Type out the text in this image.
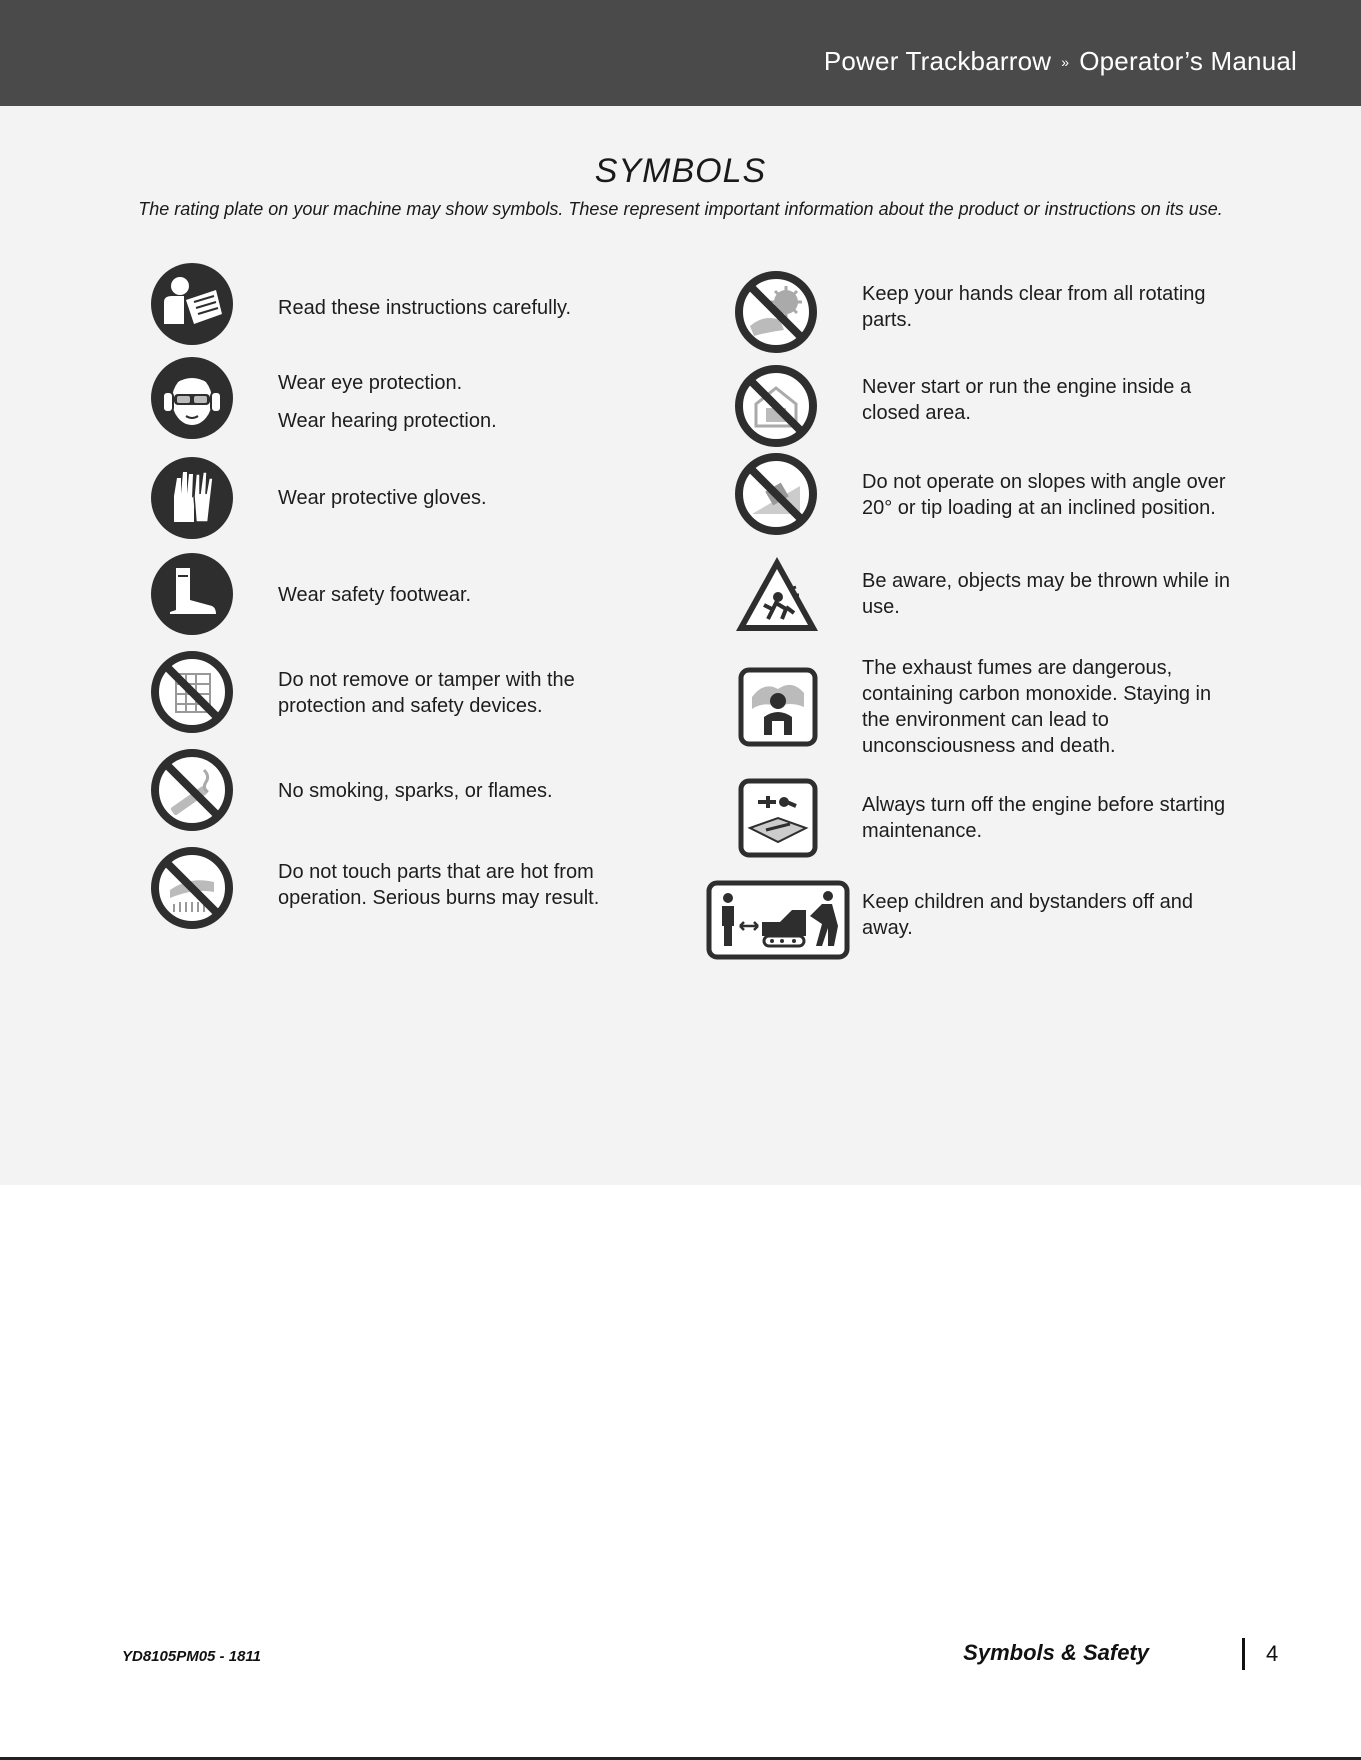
Power Trackbarrow » Operator’s Manual
SYMBOLS
The rating plate on your machine may show symbols. These represent important information about the product or instructions on its use.

Read these instructions carefully.

Wear eye protection.

Wear hearing protection.

Wear protective gloves.

Wear safety footwear.

Do not remove or tamper with the protection and safety devices.

No smoking, sparks, or flames.

Do not touch parts that are hot from operation. Serious burns may result.

Keep your hands clear from all rotating parts.

Never start or run the engine inside a closed area.

Do not operate on slopes with angle over 20° or tip loading at an inclined position.

Be aware, objects may be thrown while in use.

The exhaust fumes are dangerous, containing carbon monoxide. Staying in the environment can lead to unconsciousness and death.

Always turn off the engine before starting maintenance.

Keep children and bystanders off and away.

YD8105PM05 - 1811	Symbols & Safety	4
